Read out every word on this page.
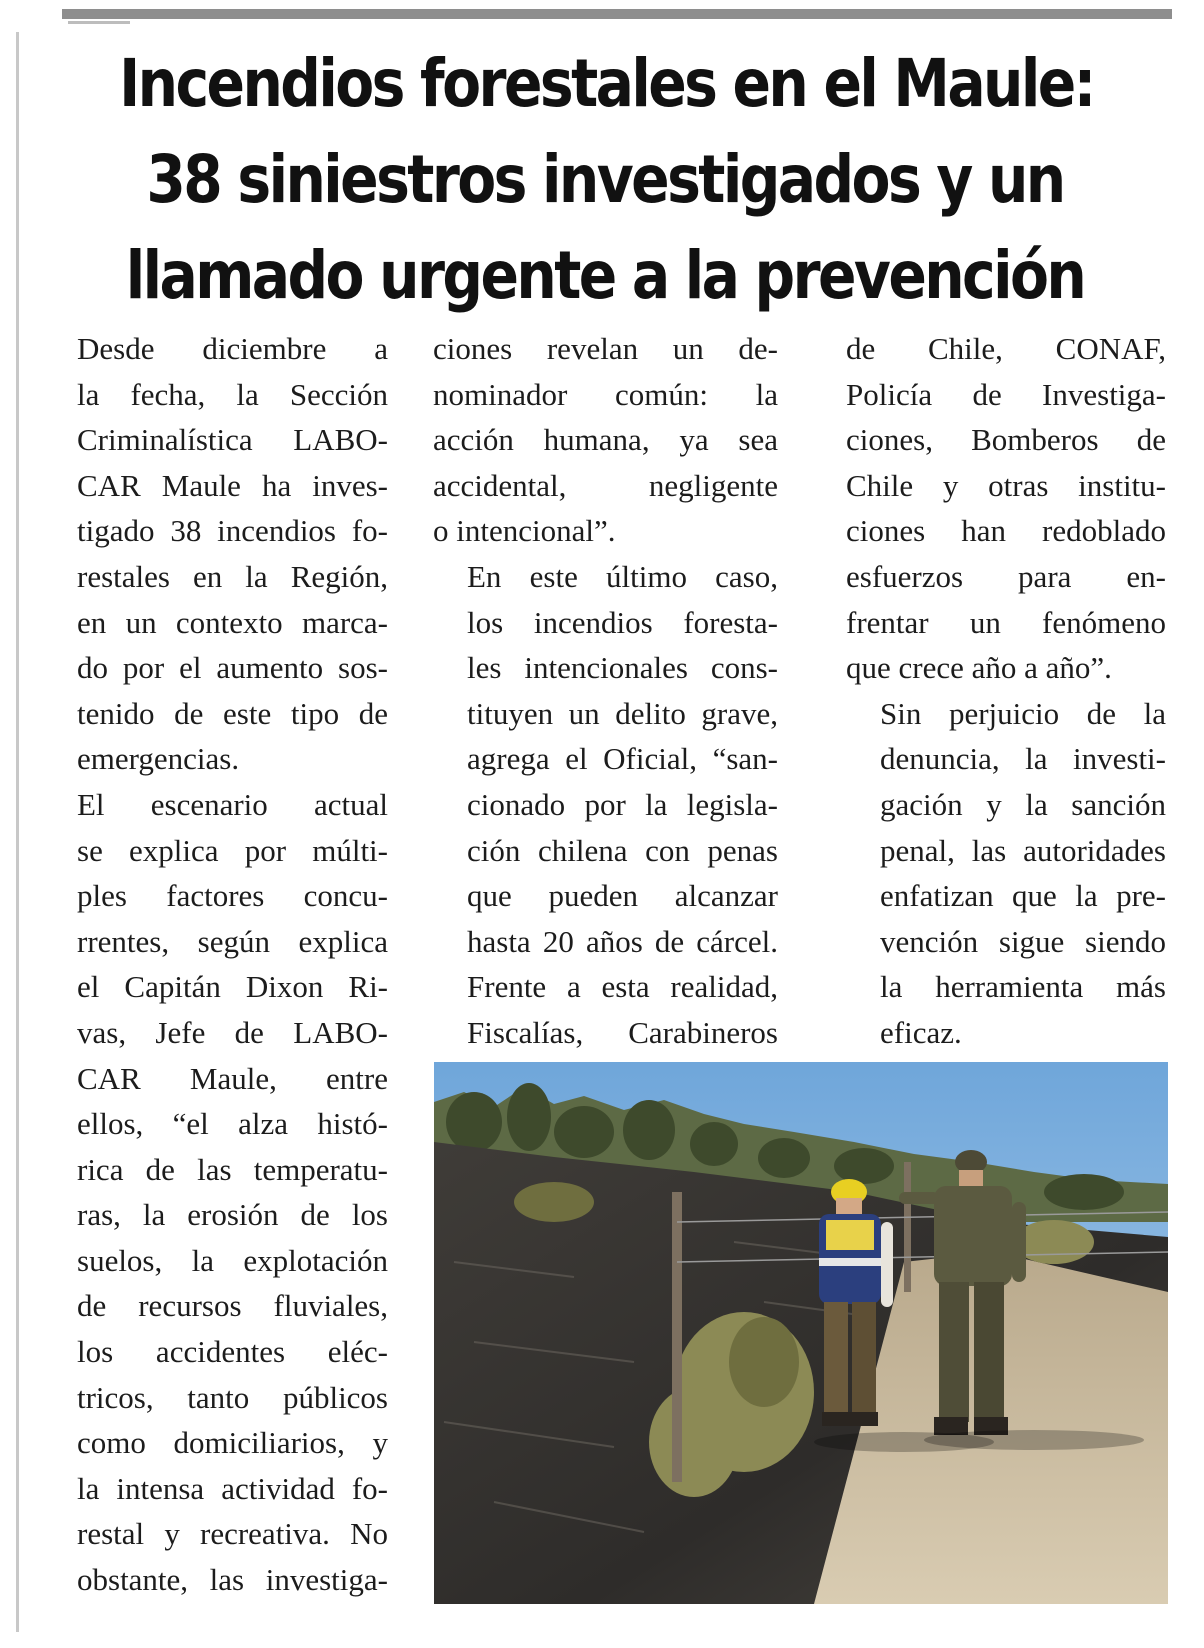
Incendios forestales en el Maule:
38 siniestros investigados y un
llamado urgente a la prevención

Desde diciembre a
la fecha, la Sección
Criminalística LABO-
CAR Maule ha inves-
tigado 38 incendios fo-
restales en la Región,
en un contexto marca-
do por el aumento sos-
tenido de este tipo de
emergencias.

El escenario actual
se explica por múlti-
ples factores concu-
rrentes, según explica
el Capitán Dixon Ri-
vas, Jefe de LABO-
CAR Maule, entre
ellos, “el alza histó-
rica de las temperatu-
ras, la erosión de los
suelos, la explotación
de recursos fluviales,
los accidentes eléc-
tricos, tanto públicos
como domiciliarios, y
la intensa actividad fo-
restal y recreativa. No
obstante, las investiga-

ciones revelan un de-
nominador común: la
acción humana, ya sea
accidental, negligente
o intencional”.

En este último caso,
los incendios foresta-
les intencionales cons-
tituyen un delito grave,
agrega el Oficial, “san-
cionado por la legisla-
ción chilena con penas
que pueden alcanzar
hasta 20 años de cárcel.
Frente a esta realidad,
Fiscalías, Carabineros

de Chile, CONAF,
Policía de Investiga-
ciones, Bomberos de
Chile y otras institu-
ciones han redoblado
esfuerzos para en-
frentar un fenómeno
que crece año a año”.

Sin perjuicio de la
denuncia, la investi-
gación y la sanción
penal, las autoridades
enfatizan que la pre-
vención sigue siendo
la herramienta más
eficaz.
